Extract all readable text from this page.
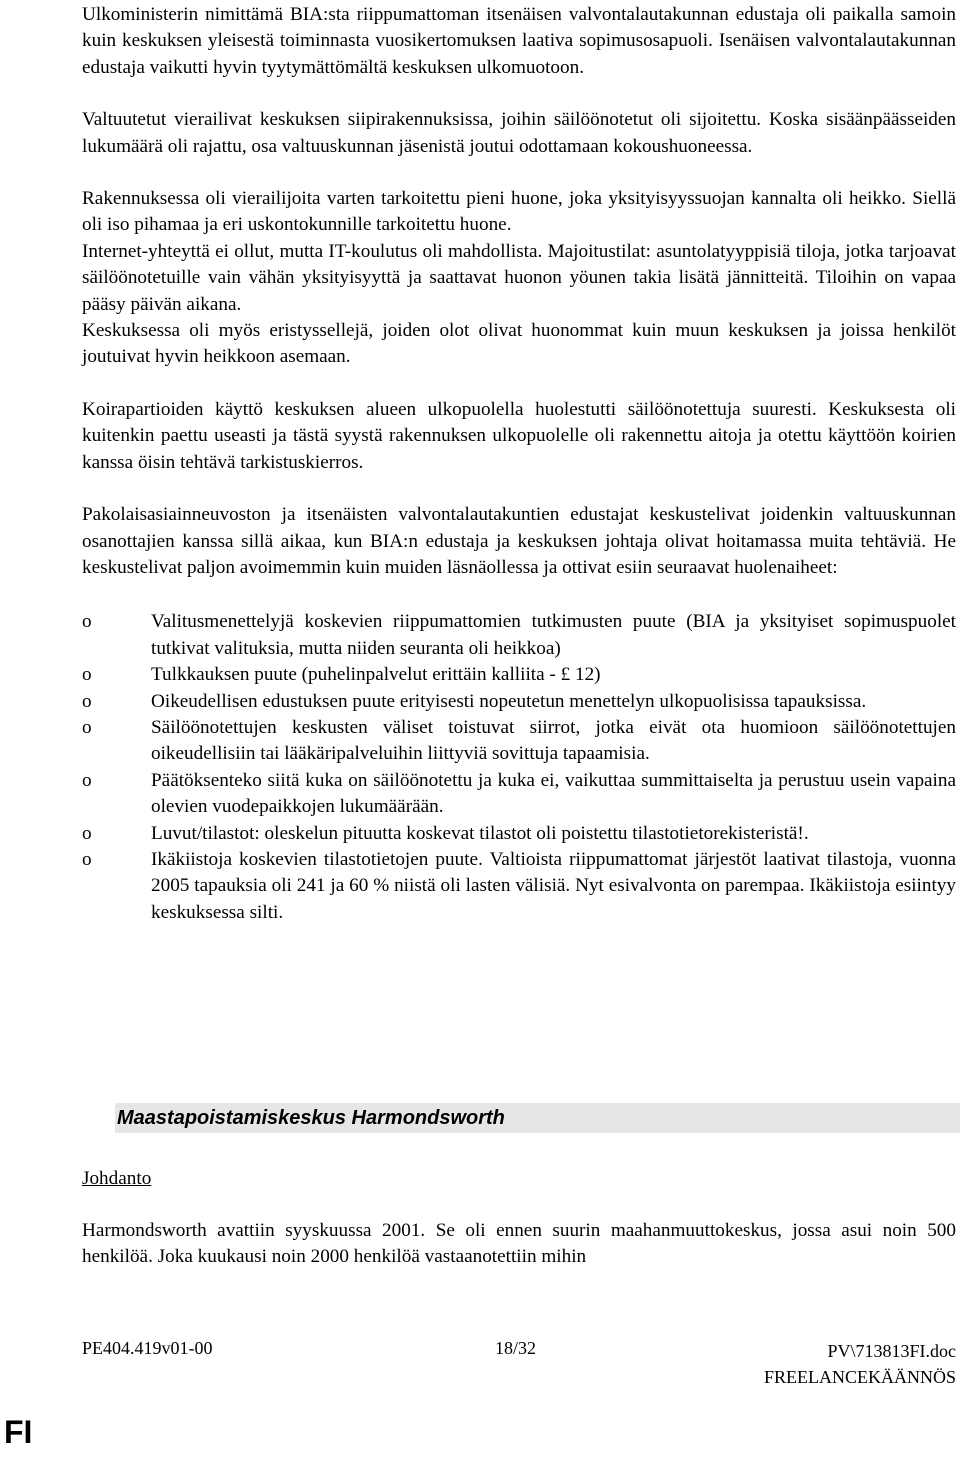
Ulkoministerin nimittämä BIA:sta riippumattoman itsenäisen valvontalautakunnan edustaja oli paikalla samoin kuin keskuksen yleisestä toiminnasta vuosikertomuksen laativa sopimusosapuoli. Isenäisen valvontalautakunnan edustaja vaikutti hyvin tyytymättömältä keskuksen ulkomuotoon.

Valtuutetut vierailivat keskuksen siipirakennuksissa, joihin säilöönotetut oli sijoitettu. Koska sisäänpäässeiden lukumäärä oli rajattu, osa valtuuskunnan jäsenistä joutui odottamaan kokoushuoneessa.

Rakennuksessa oli vierailijoita varten tarkoitettu pieni huone, joka yksityisyyssuojan kannalta oli heikko. Siellä oli iso pihamaa ja eri uskontokunnille tarkoitettu huone.

Internet-yhteyttä ei ollut, mutta IT-koulutus oli mahdollista. Majoitustilat: asuntolatyyppisiä tiloja, jotka tarjoavat säilöönotetuille vain vähän yksityisyyttä ja saattavat huonon yöunen takia lisätä jännitteitä. Tiloihin on vapaa pääsy päivän aikana.

Keskuksessa oli myös eristyssellejä, joiden olot olivat huonommat kuin muun keskuksen ja joissa henkilöt joutuivat hyvin heikkoon asemaan.

Koirapartioiden käyttö keskuksen alueen ulkopuolella huolestutti säilöönotettuja suuresti. Keskuksesta oli kuitenkin paettu useasti ja tästä syystä rakennuksen ulkopuolelle oli rakennettu aitoja ja otettu käyttöön koirien kanssa öisin tehtävä tarkistuskierros.

Pakolaisasiainneuvoston ja itsenäisten valvontalautakuntien edustajat keskustelivat joidenkin valtuuskunnan osanottajien kanssa sillä aikaa, kun BIA:n edustaja ja keskuksen johtaja olivat hoitamassa muita tehtäviä. He keskustelivat paljon avoimemmin kuin muiden läsnäollessa ja ottivat esiin seuraavat huolenaiheet:

o	Valitusmenettelyjä koskevien riippumattomien tutkimusten puute (BIA ja yksityiset sopimuspuolet tutkivat valituksia, mutta niiden seuranta oli heikkoa)
o	Tulkkauksen puute (puhelinpalvelut erittäin kalliita - £ 12)
o	Oikeudellisen edustuksen puute erityisesti nopeutetun menettelyn ulkopuolisissa tapauksissa.
o	Säilöönotettujen keskusten väliset toistuvat siirrot, jotka eivät ota huomioon säilöönotettujen oikeudellisiin tai lääkäripalveluihin liittyviä sovittuja tapaamisia.
o	Päätöksenteko siitä kuka on säilöönotettu ja kuka ei, vaikuttaa summittaiselta ja perustuu usein vapaina olevien vuodepaikkojen lukumäärään.
o	Luvut/tilastot: oleskelun pituutta koskevat tilastot oli poistettu tilastotietorekisteristä!.
o	Ikäkiistoja koskevien tilastotietojen puute. Valtioista riippumattomat järjestöt laativat tilastoja, vuonna 2005 tapauksia oli 241 ja 60 % niistä oli lasten välisiä. Nyt esivalvonta on parempaa. Ikäkiistoja esiintyy keskuksessa silti.
Maastapoistamiskeskus Harmondsworth
Johdanto

Harmondsworth avattiin syyskuussa 2001. Se oli ennen suurin maahanmuuttokeskus, jossa asui noin 500 henkilöä. Joka kuukausi noin 2000 henkilöä vastaanotettiin mihin

PE404.419v01-00	18/32	PV\713813FI.doc
FREELANCEKÄÄNNÖS
FI
